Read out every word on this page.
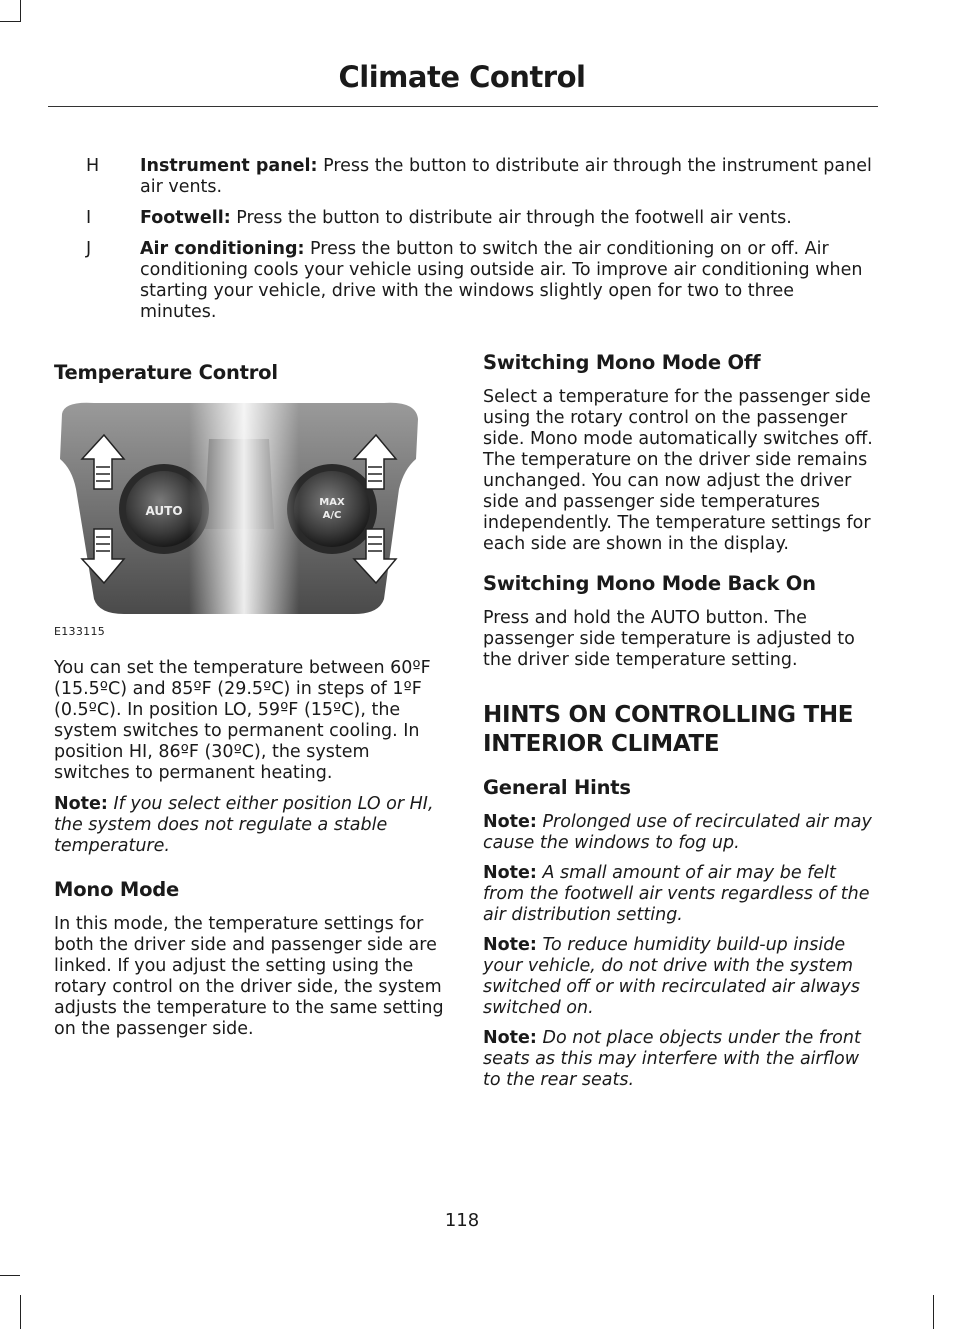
Climate Control
H	Instrument panel: Press the button to distribute air through the instrument panel air vents.
I	Footwell: Press the button to distribute air through the footwell air vents.
J	Air conditioning: Press the button to switch the air conditioning on or off. Air conditioning cools your vehicle using outside air. To improve air conditioning when starting your vehicle, drive with the windows slightly open for two to three minutes.
Temperature Control
AUTO
MAX
A/C

E133115

You can set the temperature between 60ºF (15.5ºC) and 85ºF (29.5ºC) in steps of 1ºF (0.5ºC). In position LO, 59ºF (15ºC), the system switches to permanent cooling. In position HI, 86ºF (30ºC), the system switches to permanent heating.

Note: If you select either position LO or HI, the system does not regulate a stable temperature.

Mono Mode

In this mode, the temperature settings for both the driver side and passenger side are linked. If you adjust the setting using the rotary control on the driver side, the system adjusts the temperature to the same setting on the passenger side.

Switching Mono Mode Off

Select a temperature for the passenger side using the rotary control on the passenger side. Mono mode automatically switches off. The temperature on the driver side remains unchanged. You can now adjust the driver side and passenger side temperatures independently. The temperature settings for each side are shown in the display.

Switching Mono Mode Back On

Press and hold the AUTO button. The passenger side temperature is adjusted to the driver side temperature setting.

HINTS ON CONTROLLING THE INTERIOR CLIMATE
General Hints

Note: Prolonged use of recirculated air may cause the windows to fog up.

Note: A small amount of air may be felt from the footwell air vents regardless of the air distribution setting.

Note: To reduce humidity build-up inside your vehicle, do not drive with the system switched off or with recirculated air always switched on.

Note: Do not place objects under the front seats as this may interfere with the airflow to the rear seats.

118
